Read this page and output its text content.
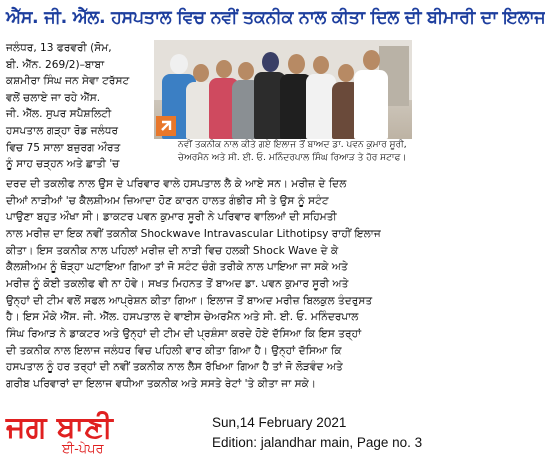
ਐੱਸ. ਜੀ. ਐੱਲ. ਹਸਪਤਾਲ ਵਿਚ ਨਵੀਂ ਤਕਨੀਕ ਨਾਲ ਕੀਤਾ ਦਿਲ ਦੀ ਬੀਮਾਰੀ ਦਾ ਇਲਾਜ
ਜਲੰਧਰ, 13 ਫਰਵਰੀ (ਸੋਮ,
ਬੀ. ਐੱਨ. 269/2)–ਬਾਬਾ
ਕਸ਼ਮੀਰਾ ਸਿੰਘ ਜਨ ਸੇਵਾ ਟਰੱਸਟ
ਵਲੋਂ ਚਲਾਏ ਜਾ ਰਹੇ ਐੱਸ.
ਜੀ. ਐੱਲ. ਸੁਪਰ ਸਪੈਸ਼ਲਿਟੀ
ਹਸਪਤਾਲ ਗੜ੍ਹਾ ਰੋਡ ਜਲੰਧਰ
ਵਿਚ 75 ਸਾਲਾ ਬਜ਼ੁਰਗ ਔਰਤ
ਨੂੰ ਸਾਹ ਚੜ੍ਹਨ ਅਤੇ ਛਾਤੀ 'ਚ
ਨਵੀਂ ਤਕਨੀਕ ਨਾਲ ਕੀਤੇ ਗਏ ਇਲਾਜ ਤੋਂ ਬਾਅਦ ਡਾ. ਪਵਨ ਕੁਮਾਰ ਸੂਰੀ,
ਚੇਅਰਮੈਨ ਅਤੇ ਸੀ. ਈ. ਓ. ਮਨਿੰਦਰਪਾਲ ਸਿੰਘ ਰਿਆੜ ਤੇ ਹੋਰ ਸਟਾਫ।
ਦਰਦ ਦੀ ਤਕਲੀਫ ਨਾਲ ਉਸ ਦੇ ਪਰਿਵਾਰ ਵਾਲੇ ਹਸਪਤਾਲ ਲੈ ਕੇ ਆਏ ਸਨ। ਮਰੀਜ਼ ਦੇ ਦਿਲ
ਦੀਆਂ ਨਾੜੀਆਂ 'ਚ ਕੈਲਸ਼ੀਅਮ ਜ਼ਿਆਦਾ ਹੋਣ ਕਾਰਨ ਹਾਲਤ ਗੰਭੀਰ ਸੀ ਤੇ ਉਸ ਨੂੰ ਸਟੰਟ
ਪਾਉਣਾ ਬਹੁਤ ਔਖਾ ਸੀ। ਡਾਕਟਰ ਪਵਨ ਕੁਮਾਰ ਸੂਰੀ ਨੇ ਪਰਿਵਾਰ ਵਾਲਿਆਂ ਦੀ ਸਹਿਮਤੀ
ਨਾਲ ਮਰੀਜ਼ ਦਾ ਇਕ ਨਵੀਂ ਤਕਨੀਕ Shockwave Intravascular Lithotipsy ਰਾਹੀਂ ਇਲਾਜ
ਕੀਤਾ। ਇਸ ਤਕਨੀਕ ਨਾਲ ਪਹਿਲਾਂ ਮਰੀਜ਼ ਦੀ ਨਾੜੀ ਵਿਚ ਹਲਕੀ Shock Wave ਦੇ ਕੇ
ਕੈਲਸ਼ੀਅਮ ਨੂੰ ਥੋੜ੍ਹਾ ਘਟਾਇਆ ਗਿਆ ਤਾਂ ਜੋ ਸਟੰਟ ਚੰਗੇ ਤਰੀਕੇ ਨਾਲ ਪਾਇਆ ਜਾ ਸਕੇ ਅਤੇ
ਮਰੀਜ਼ ਨੂੰ ਕੋਈ ਤਕਲੀਫ ਵੀ ਨਾ ਹੋਵੇ। ਸਖਤ ਮਿਹਨਤ ਤੋਂ ਬਾਅਦ ਡਾ. ਪਵਨ ਕੁਮਾਰ ਸੂਰੀ ਅਤੇ
ਉਨ੍ਹਾਂ ਦੀ ਟੀਮ ਵਲੋਂ ਸਫਲ ਆਪ੍ਰੇਸ਼ਨ ਕੀਤਾ ਗਿਆ। ਇਲਾਜ ਤੋਂ ਬਾਅਦ ਮਰੀਜ਼ ਬਿਲਕੁਲ ਤੰਦਰੁਸਤ
ਹੈ। ਇਸ ਮੌਕੇ ਐੱਸ. ਜੀ. ਐੱਲ. ਹਸਪਤਾਲ ਦੇ ਵਾਈਸ ਚੇਅਰਮੈਨ ਅਤੇ ਸੀ. ਈ. ਓ. ਮਨਿੰਦਰਪਾਲ
ਸਿੰਘ ਰਿਆੜ ਨੇ ਡਾਕਟਰ ਅਤੇ ਉਨ੍ਹਾਂ ਦੀ ਟੀਮ ਦੀ ਪ੍ਰਸ਼ੰਸਾ ਕਰਦੇ ਹੋਏ ਦੱਸਿਆ ਕਿ ਇਸ ਤਰ੍ਹਾਂ
ਦੀ ਤਕਨੀਕ ਨਾਲ ਇਲਾਜ ਜਲੰਧਰ ਵਿਚ ਪਹਿਲੀ ਵਾਰ ਕੀਤਾ ਗਿਆ ਹੈ। ਉਨ੍ਹਾਂ ਦੱਸਿਆ ਕਿ
ਹਸਪਤਾਲ ਨੂੰ ਹਰ ਤਰ੍ਹਾਂ ਦੀ ਨਵੀਂ ਤਕਨੀਕ ਨਾਲ ਲੈਸ ਰੱਖਿਆ ਗਿਆ ਹੈ ਤਾਂ ਜੋ ਲੋੜਵੰਦ ਅਤੇ
ਗਰੀਬ ਪਰਿਵਾਰਾਂ ਦਾ ਇਲਾਜ ਵਧੀਆ ਤਕਨੀਕ ਅਤੇ ਸਸਤੇ ਰੇਟਾਂ 'ਤੇ ਕੀਤਾ ਜਾ ਸਕੇ।
ਜਗ ਬਾਣੀ
ਈ-ਪੇਪਰ
Sun,14 February 2021
Edition: jalandhar main, Page no. 3
